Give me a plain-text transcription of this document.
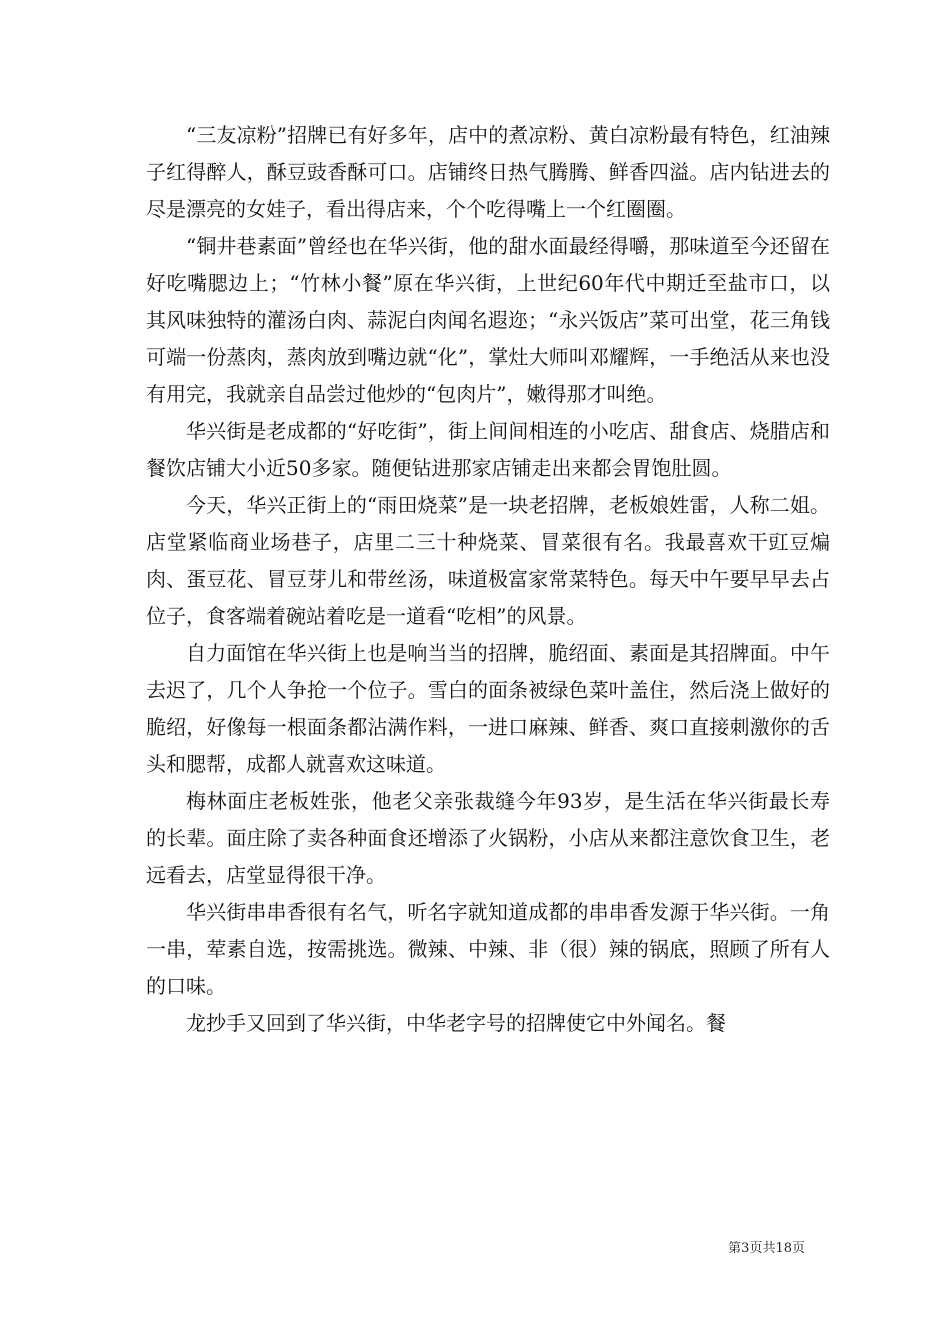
“三友凉粉”招牌已有好多年，店中的煮凉粉、黄白凉粉最有特色，红油辣子红得醉人，酥豆豉香酥可口。店铺终日热气腾腾、鲜香四溢。店内钻进去的尽是漂亮的女娃子，看出得店来，个个吃得嘴上一个红圈圈。

“铜井巷素面”曾经也在华兴街，他的甜水面最经得嚼，那味道至今还留在好吃嘴腮边上；“竹林小餐”原在华兴街，上世纪60年代中期迁至盐市口，以其风味独特的灌汤白肉、蒜泥白肉闻名遐迩；“永兴饭店”菜可出堂，花三角钱可端一份蒸肉，蒸肉放到嘴边就“化”，掌灶大师叫邓耀辉，一手绝活从来也没有用完，我就亲自品尝过他炒的“包肉片”，嫩得那才叫绝。

华兴街是老成都的“好吃街”，街上间间相连的小吃店、甜食店、烧腊店和餐饮店铺大小近50多家。随便钻进那家店铺走出来都会胃饱肚圆。

今天，华兴正街上的“雨田烧菜”是一块老招牌，老板娘姓雷，人称二姐。店堂紧临商业场巷子，店里二三十种烧菜、冒菜很有名。我最喜欢干豇豆煸肉、蛋豆花、冒豆芽儿和带丝汤，味道极富家常菜特色。每天中午要早早去占位子，食客端着碗站着吃是一道看“吃相”的风景。

自力面馆在华兴街上也是响当当的招牌，脆绍面、素面是其招牌面。中午去迟了，几个人争抢一个位子。雪白的面条被绿色菜叶盖住，然后浇上做好的脆绍，好像每一根面条都沾满作料，一进口麻辣、鲜香、爽口直接刺激你的舌头和腮帮，成都人就喜欢这味道。

梅林面庄老板姓张，他老父亲张裁缝今年93岁，是生活在华兴街最长寿的长辈。面庄除了卖各种面食还增添了火锅粉，小店从来都注意饮食卫生，老远看去，店堂显得很干净。

华兴街串串香很有名气，听名字就知道成都的串串香发源于华兴街。一角一串，荤素自选，按需挑选。微辣、中辣、非（很）辣的锅底，照顾了所有人的口味。

龙抄手又回到了华兴街，中华老字号的招牌使它中外闻名。餐

第3页共18页
